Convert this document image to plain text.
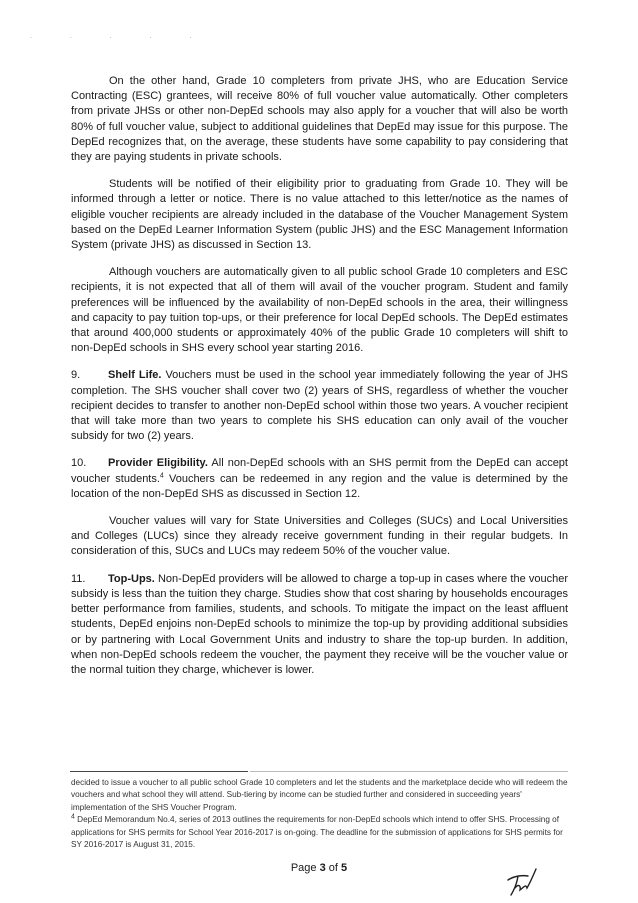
. . . . .

On the other hand, Grade 10 completers from private JHS, who are Education Service Contracting (ESC) grantees, will receive 80% of full voucher value automatically. Other completers from private JHSs or other non-DepEd schools may also apply for a voucher that will also be worth 80% of full voucher value, subject to additional guidelines that DepEd may issue for this purpose. The DepEd recognizes that, on the average, these students have some capability to pay considering that they are paying students in private schools.

Students will be notified of their eligibility prior to graduating from Grade 10. They will be informed through a letter or notice. There is no value attached to this letter/notice as the names of eligible voucher recipients are already included in the database of the Voucher Management System based on the DepEd Learner Information System (public JHS) and the ESC Management Information System (private JHS) as discussed in Section 13.

Although vouchers are automatically given to all public school Grade 10 completers and ESC recipients, it is not expected that all of them will avail of the voucher program. Student and family preferences will be influenced by the availability of non-DepEd schools in the area, their willingness and capacity to pay tuition top-ups, or their preference for local DepEd schools. The DepEd estimates that around 400,000 students or approximately 40% of the public Grade 10 completers will shift to non-DepEd schools in SHS every school year starting 2016.

9.	Shelf Life. Vouchers must be used in the school year immediately following the year of JHS completion. The SHS voucher shall cover two (2) years of SHS, regardless of whether the voucher recipient decides to transfer to another non-DepEd school within those two years. A voucher recipient that will take more than two years to complete his SHS education can only avail of the voucher subsidy for two (2) years.

10. Provider Eligibility. All non-DepEd schools with an SHS permit from the DepEd can accept voucher students.$^4$ Vouchers can be redeemed in any region and the value is determined by the location of the non-DepEd SHS as discussed in Section 12.

Voucher values will vary for State Universities and Colleges (SUCs) and Local Universities and Colleges (LUCs) since they already receive government funding in their regular budgets. In consideration of this, SUCs and LUCs may redeem 50% of the voucher value.

11. Top-Ups. Non-DepEd providers will be allowed to charge a top-up in cases where the voucher subsidy is less than the tuition they charge. Studies show that cost sharing by households encourages better performance from families, students, and schools. To mitigate the impact on the least affluent students, DepEd enjoins non-DepEd schools to minimize the top-up by providing additional subsidies or by partnering with Local Government Units and industry to share the top-up burden. In addition, when non-DepEd schools redeem the voucher, the payment they receive will be the voucher value or the normal tuition they charge, whichever is lower.

decided to issue a voucher to all public school Grade 10 completers and let the students and the marketplace decide who will redeem the vouchers and what school they will attend. Sub-tiering by income can be studied further and considered in succeeding years' implementation of the SHS Voucher Program.

$^4$ DepEd Memorandum No.4, series of 2013 outlines the requirements for non-DepEd schools which intend to offer SHS. Processing of applications for SHS permits for School Year 2016-2017 is on-going. The deadline for the submission of applications for SHS permits for SY 2016-2017 is August 31, 2015.

Page 3 of 5
